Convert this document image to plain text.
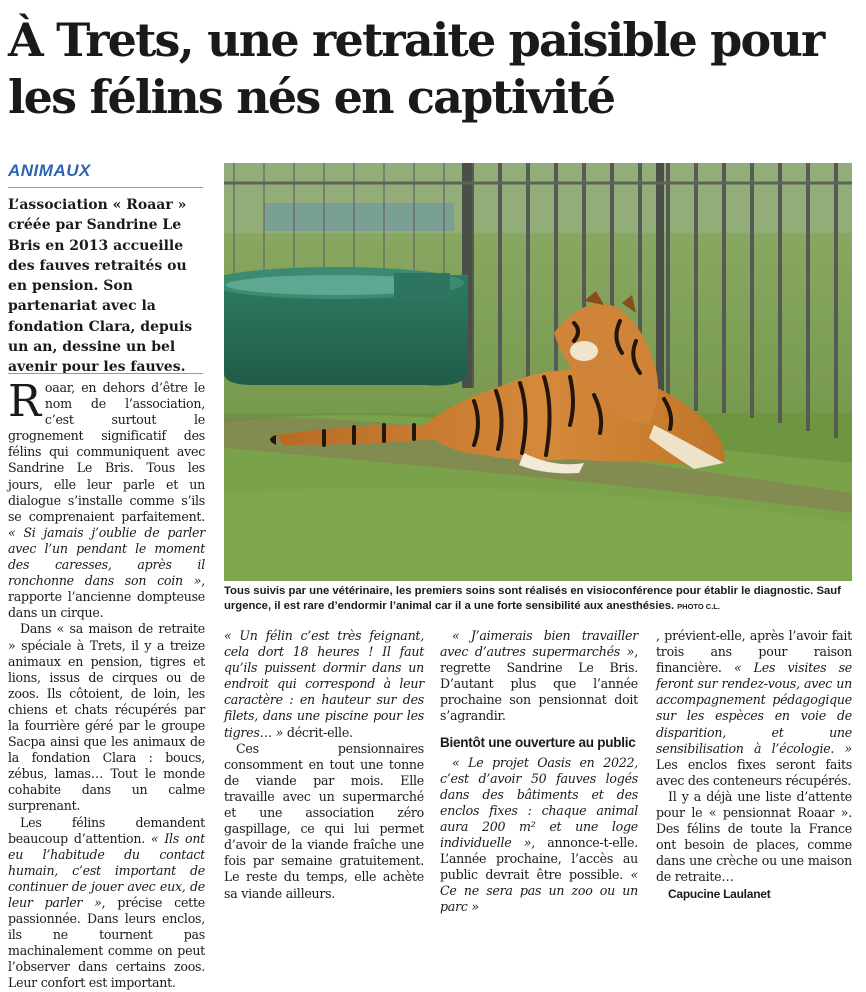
À Trets, une retraite paisible pour les félins nés en captivité
ANIMAUX

L’association « Roaar » créée par Sandrine Le Bris en 2013 accueille des fauves retraités ou en pension. Son partenariat avec la fondation Clara, depuis un an, dessine un bel avenir pour les fauves.

Tous suivis par une vétérinaire, les premiers soins sont réalisés en visioconférence pour établir le diagnostic. Sauf urgence, il est rare d’endormir l’animal car il a une forte sensibilité aux anesthésies. PHOTO C.L.

Roaar, en dehors d’être le nom de l’association, c’est surtout le grognement significatif des félins qui communiquent avec Sandrine Le Bris. Tous les jours, elle leur parle et un dialogue s’installe comme s’ils se comprenaient parfaitement. « Si jamais j’oublie de parler avec l’un pendant le moment des caresses, après il ronchonne dans son coin », rapporte l’ancienne dompteuse dans un cirque.

Dans « sa maison de retraite » spéciale à Trets, il y a treize animaux en pension, tigres et lions, issus de cirques ou de zoos. Ils côtoient, de loin, les chiens et chats récupérés par la fourrière géré par le groupe Sacpa ainsi que les animaux de la fondation Clara : boucs, zébus, lamas… Tout le monde cohabite dans un calme surprenant.

Les félins demandent beaucoup d’attention. « Ils ont eu l’habitude du contact humain, c’est important de continuer de jouer avec eux, de leur parler », précise cette passionnée. Dans leurs enclos, ils ne tournent pas machinalement comme on peut l’observer dans certains zoos. Leur confort est important.

« Un félin c’est très feignant, cela dort 18 heures ! Il faut qu’ils puissent dormir dans un endroit qui correspond à leur caractère : en hauteur sur des filets, dans une piscine pour les tigres… » décrit-elle.

Ces pensionnaires consomment en tout une tonne de viande par mois. Elle travaille avec un supermarché et une association zéro gaspillage, ce qui lui permet d’avoir de la viande fraîche une fois par semaine gratuitement. Le reste du temps, elle achète sa viande ailleurs.

« J’aimerais bien travailler avec d’autres supermarchés », regrette Sandrine Le Bris. D’autant plus que l’année prochaine son pensionnat doit s’agrandir.

Bientôt une ouverture au public

« Le projet Oasis en 2022, c’est d’avoir 50 fauves logés dans des bâtiments et des enclos fixes : chaque animal aura 200 m² et une loge individuelle », annonce-t-elle. L’année prochaine, l’accès au public devrait être possible. « Ce ne sera pas un zoo ou un parc »

, prévient-elle, après l’avoir fait trois ans pour raison financière. « Les visites se feront sur rendez-vous, avec un accompagnement pédagogique sur les espèces en voie de disparition, et une sensibilisation à l’écologie. » Les enclos fixes seront faits avec des conteneurs récupérés.

Il y a déjà une liste d’attente pour le « pensionnat Roaar ». Des félins de toute la France ont besoin de places, comme dans une crèche ou une maison de retraite…

Capucine Laulanet
